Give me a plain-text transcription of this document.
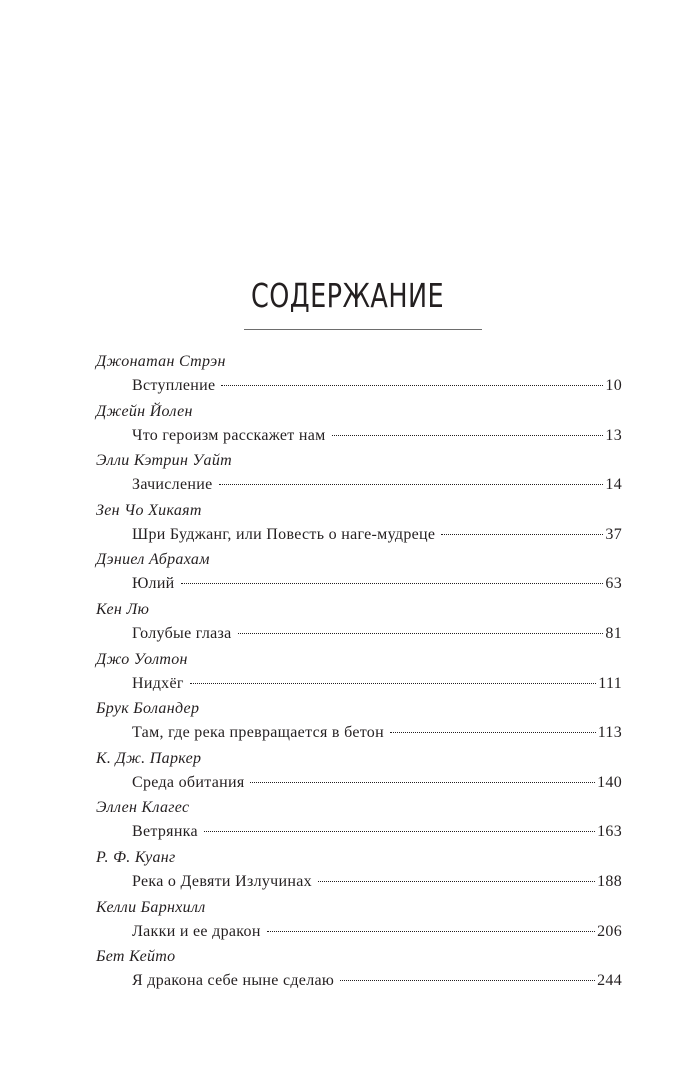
СОДЕРЖАНИЕ
Джонатан Стрэн
Вступление	10
Джейн Йолен
Что героизм расскажет нам	13
Элли Кэтрин Уайт
Зачисление	14
Зен Чо Хикаят
Шри Буджанг, или Повесть о наге-мудреце	37
Дэниел Абрахам
Юлий	63
Кен Лю
Голубые глаза	81
Джо Уолтон
Нидхёг	111
Брук Боландер
Там, где река превращается в бетон	113
К. Дж. Паркер
Среда обитания	140
Эллен Клагес
Ветрянка	163
Р. Ф. Куанг
Река о Девяти Излучинах	188
Келли Барнхилл
Лакки и ее дракон	206
Бет Кейто
Я дракона себе ныне сделаю	244
